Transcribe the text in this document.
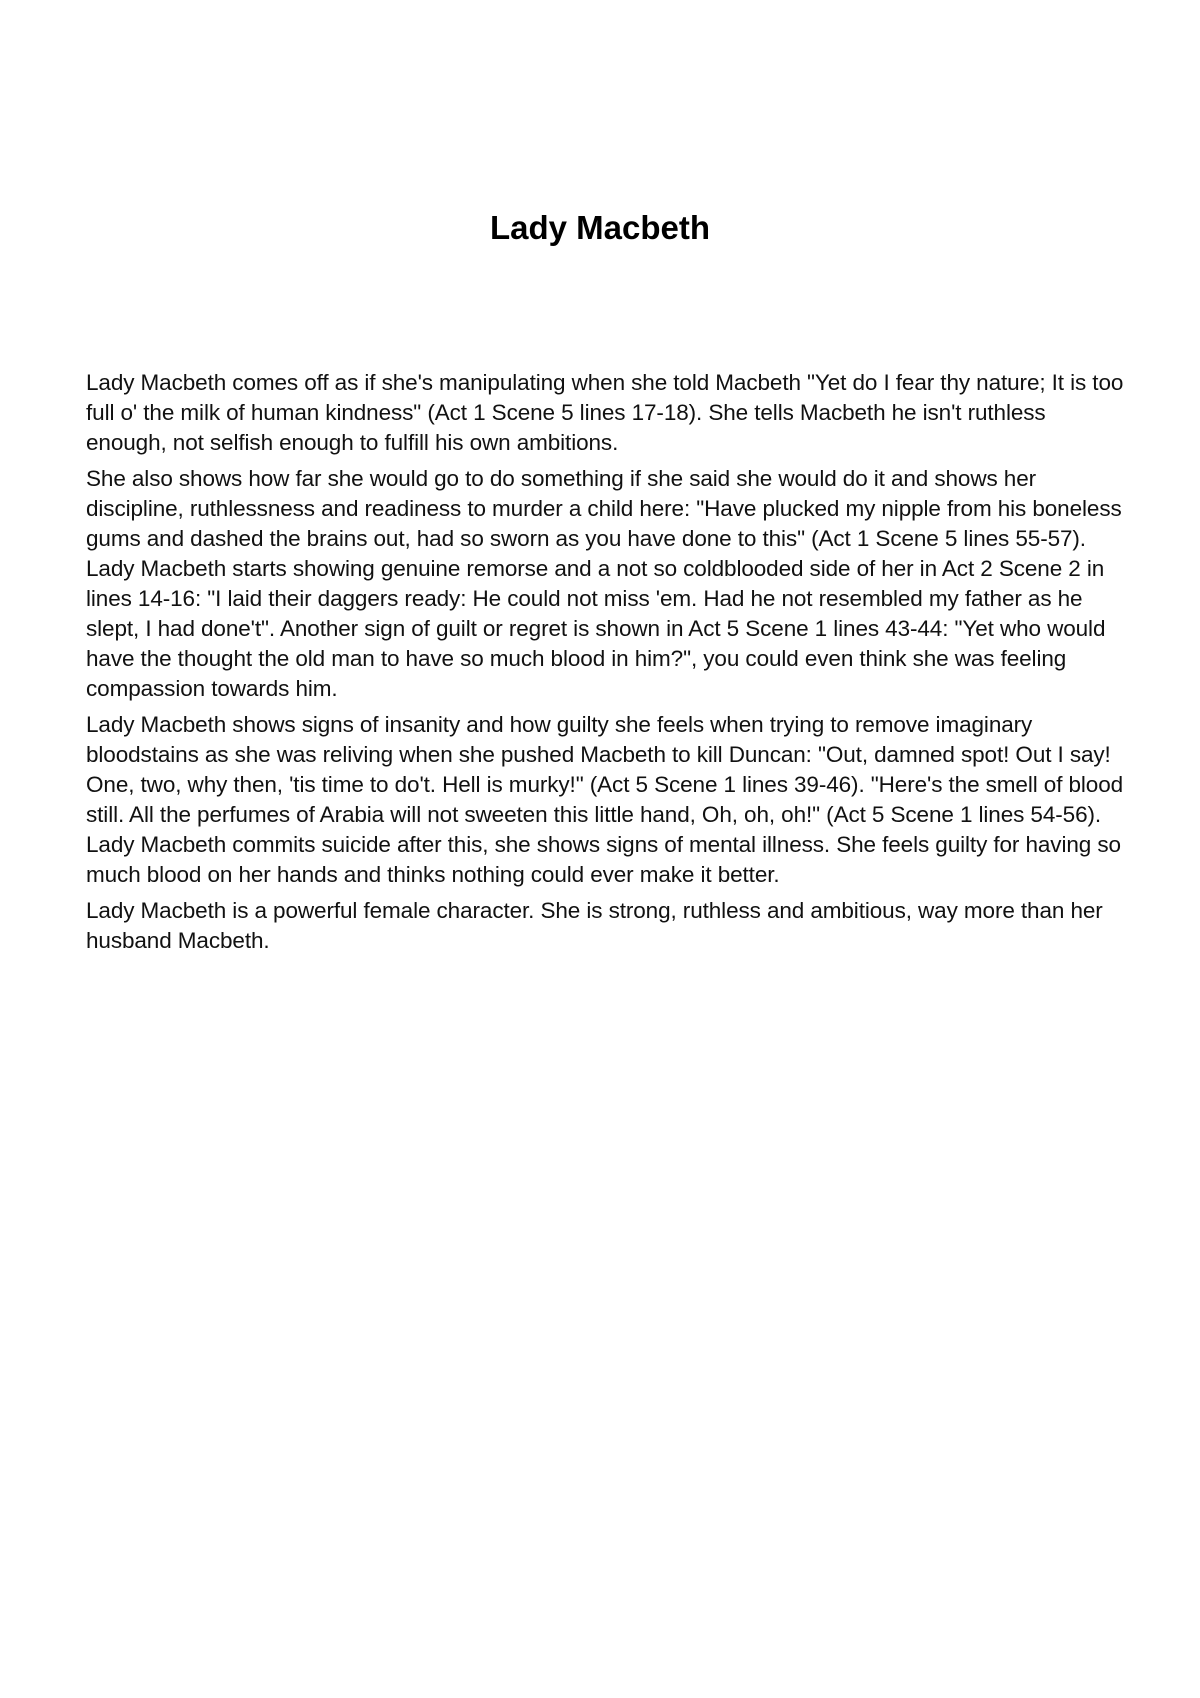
Lady Macbeth

Lady Macbeth comes off as if she's manipulating when she told Macbeth "Yet do I fear thy nature; It is too full o' the milk of human kindness" (Act 1 Scene 5 lines 17-18). She tells Macbeth he isn't ruthless enough, not selfish enough to fulfill his own ambitions.

She also shows how far she would go to do something if she said she would do it and shows her discipline, ruthlessness and readiness to murder a child here: "Have plucked my nipple from his boneless gums and dashed the brains out, had so sworn as you have done to this" (Act 1 Scene 5 lines 55-57). Lady Macbeth starts showing genuine remorse and a not so coldblooded side of her in Act 2 Scene 2 in lines 14-16: "I laid their daggers ready: He could not miss 'em. Had he not resembled my father as he slept, I had done't". Another sign of guilt or regret is shown in Act 5 Scene 1 lines 43-44: "Yet who would have the thought the old man to have so much blood in him?", you could even think she was feeling compassion towards him.

Lady Macbeth shows signs of insanity and how guilty she feels when trying to remove imaginary bloodstains as she was reliving when she pushed Macbeth to kill Duncan: "Out, damned spot! Out I say! One, two, why then, 'tis time to do't. Hell is murky!" (Act 5 Scene 1 lines 39-46). "Here's the smell of blood still. All the perfumes of Arabia will not sweeten this little hand, Oh, oh, oh!" (Act 5 Scene 1 lines 54-56). Lady Macbeth commits suicide after this, she shows signs of mental illness. She feels guilty for having so much blood on her hands and thinks nothing could ever make it better.

Lady Macbeth is a powerful female character. She is strong, ruthless and ambitious, way more than her husband Macbeth.
